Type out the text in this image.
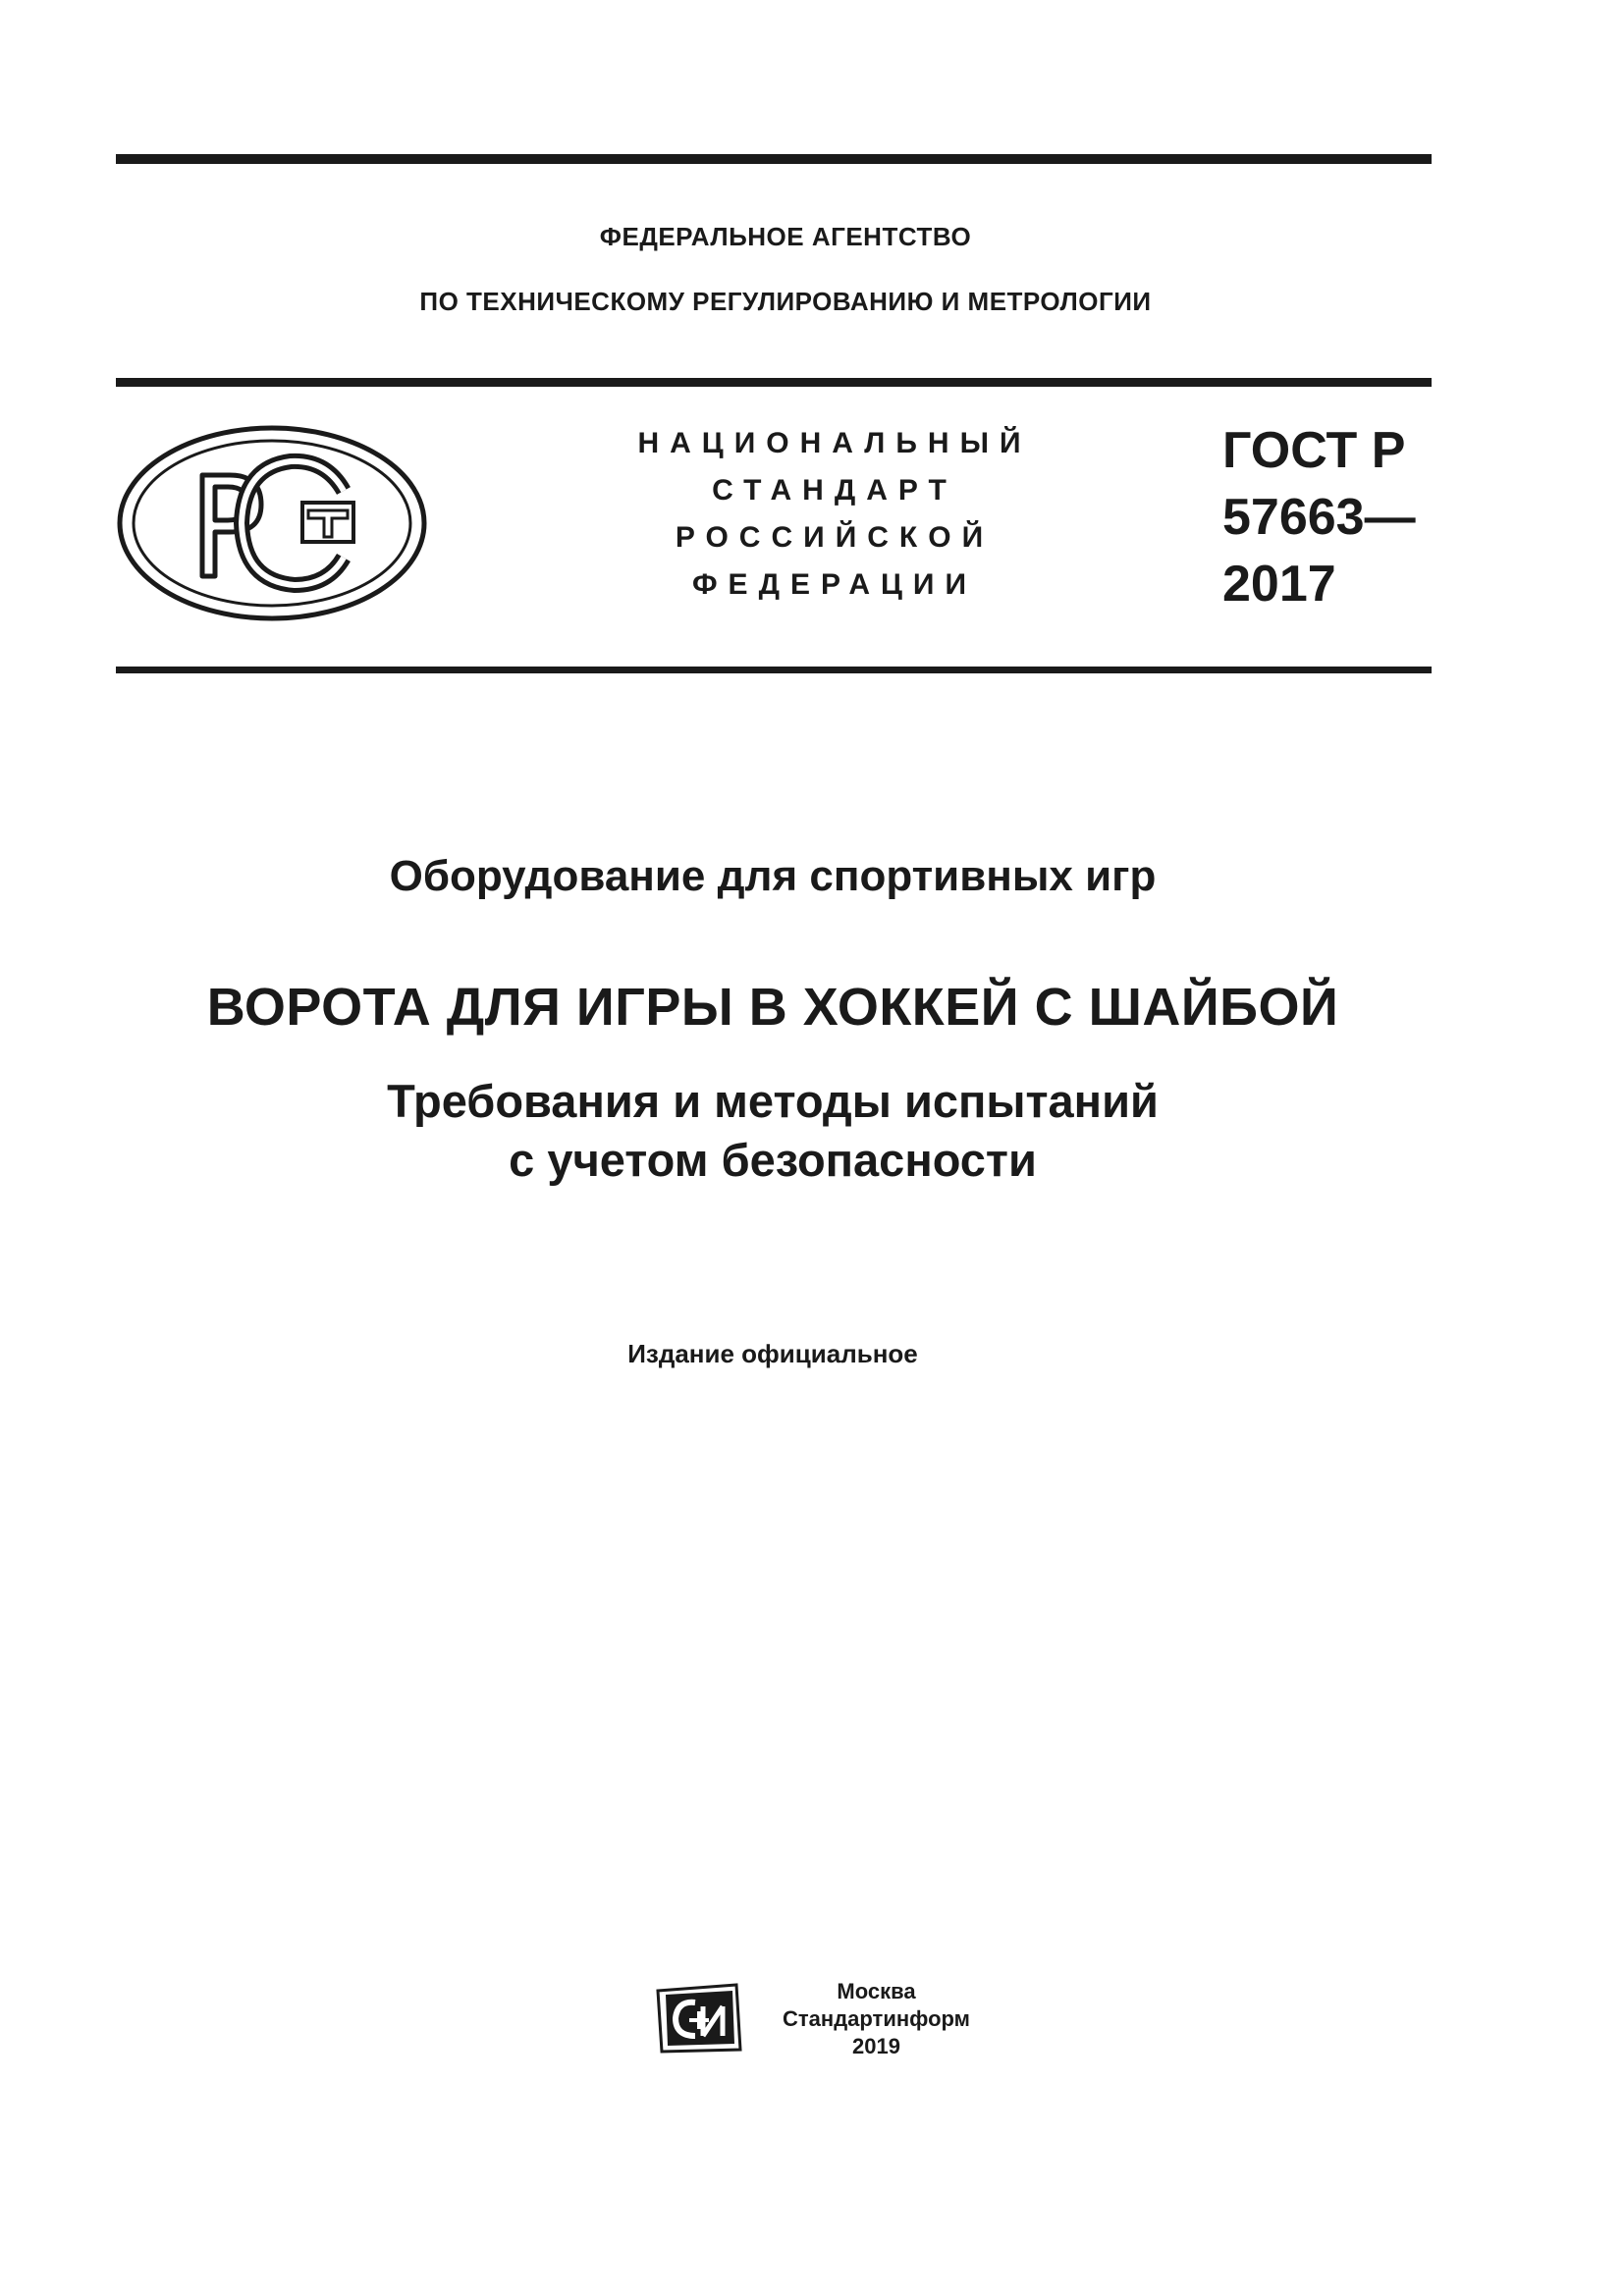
ФЕДЕРАЛЬНОЕ АГЕНТСТВО
ПО ТЕХНИЧЕСКОМУ РЕГУЛИРОВАНИЮ И МЕТРОЛОГИИ
НАЦИОНАЛЬНЫЙ
СТАНДАРТ
РОССИЙСКОЙ
ФЕДЕРАЦИИ
ГОСТ Р
57663—
2017
Оборудование для спортивных игр
ВОРОТА ДЛЯ ИГРЫ В ХОККЕЙ С ШАЙБОЙ
Требования и методы испытаний
с учетом безопасности
Издание официальное
Москва
Стандартинформ
2019
